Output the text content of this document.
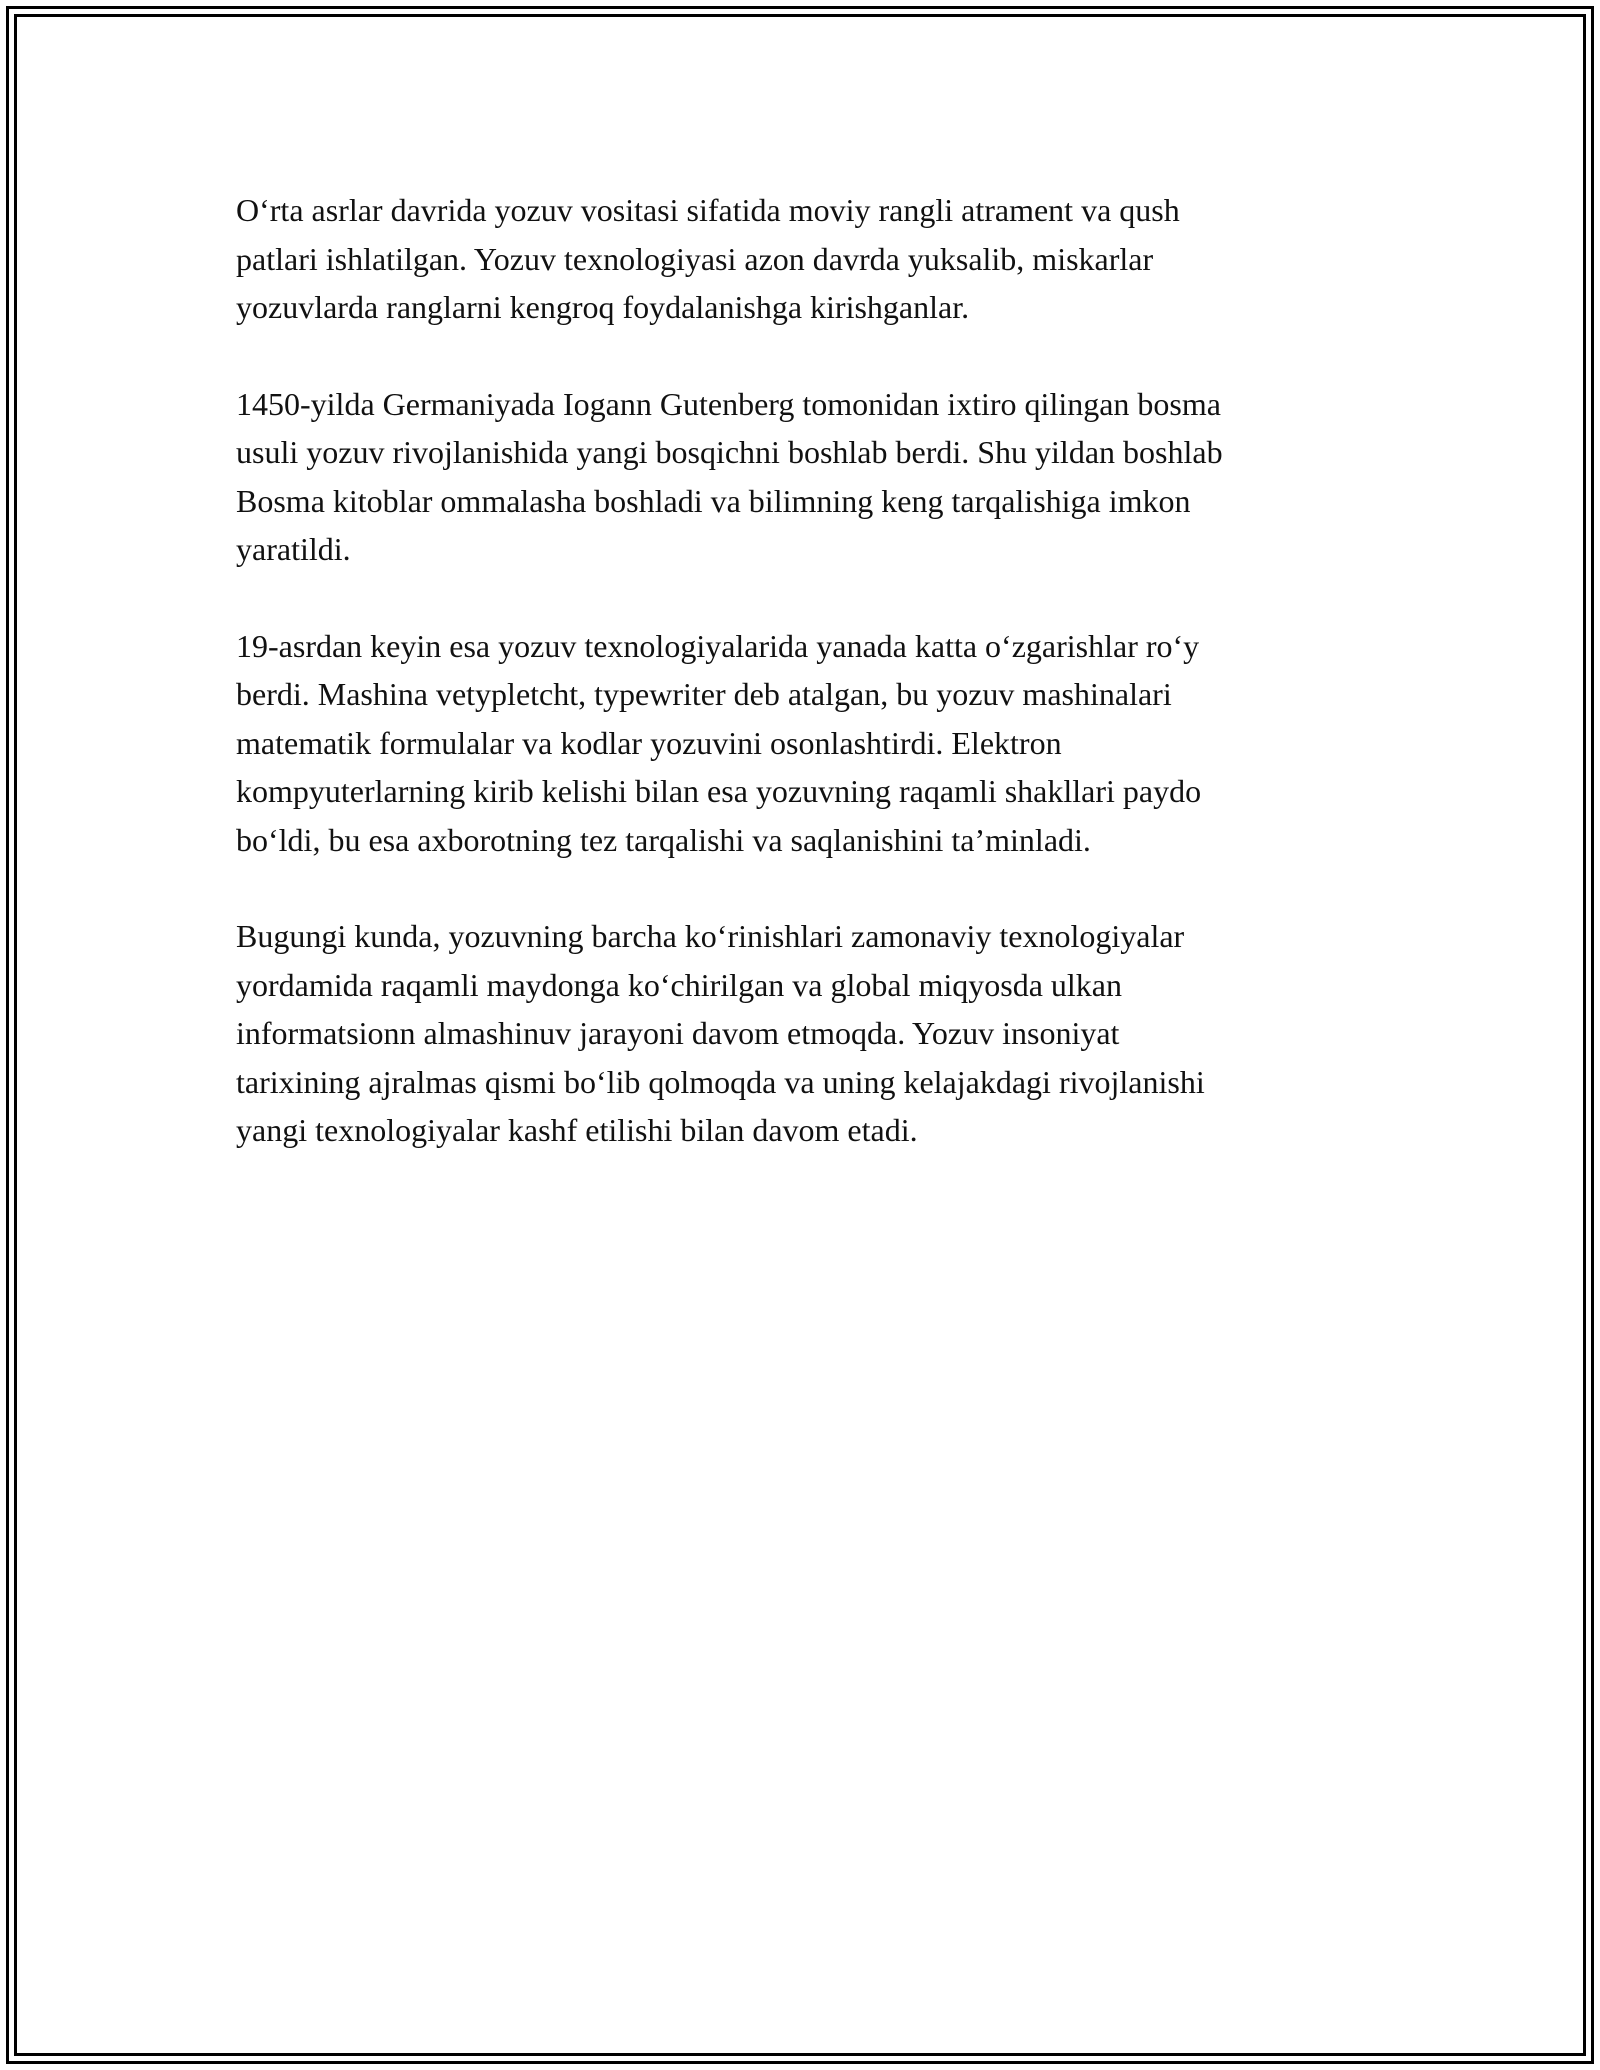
O‘rta asrlar davrida yozuv vositasi sifatida moviy rangli atrament va qush
patlari ishlatilgan. Yozuv texnologiyasi azon davrda yuksalib, miskarlar
yozuvlarda ranglarni kengroq foydalanishga kirishganlar.

1450-yilda Germaniyada Iogann Gutenberg tomonidan ixtiro qilingan bosma
usuli yozuv rivojlanishida yangi bosqichni boshlab berdi. Shu yildan boshlab
Bosma kitoblar ommalasha boshladi va bilimning keng tarqalishiga imkon
yaratildi.

19-asrdan keyin esa yozuv texnologiyalarida yanada katta o‘zgarishlar ro‘y
berdi. Mashina vetypletcht, typewriter deb atalgan, bu yozuv mashinalari
matematik formulalar va kodlar yozuvini osonlashtirdi. Elektron
kompyuterlarning kirib kelishi bilan esa yozuvning raqamli shakllari paydo
bo‘ldi, bu esa axborotning tez tarqalishi va saqlanishini ta’minladi.

Bugungi kunda, yozuvning barcha ko‘rinishlari zamonaviy texnologiyalar
yordamida raqamli maydonga ko‘chirilgan va global miqyosda ulkan
informatsionn almashinuv jarayoni davom etmoqda. Yozuv insoniyat
tarixining ajralmas qismi bo‘lib qolmoqda va uning kelajakdagi rivojlanishi
yangi texnologiyalar kashf etilishi bilan davom etadi.
